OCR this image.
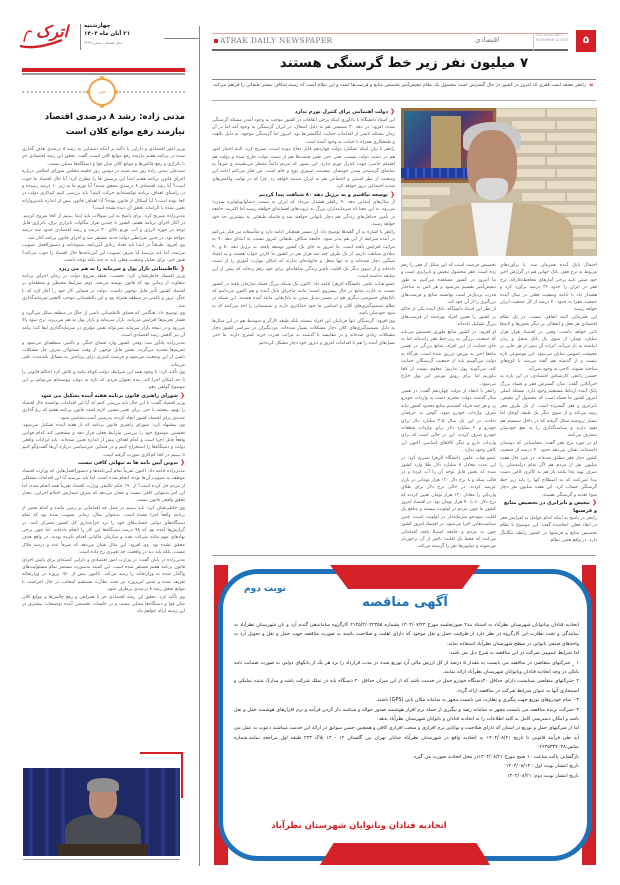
ATRAK DAILY NEWSPAPER	اقتصادی
VOL.18,NO.1853
NOVEMBER 12.2025	۵
۷ میلیون نفر زیر خط گرسنگی هستند
«
راغفر معتقد است فقری که امروز در کشور در حال گسترش است محصول یک نظام تبعیض‌آمیز تخصیص منابع و فرصت‌ها است و این نظام است که زمینه شکاف بیشتر طبقاتی را فراهم می‌کند.
❮دولت اهتمامی برای کنترل تورم ندارد

این استاد دانشگاه با یادآوری اینکه برخی اتفاقات در کشور موجب به وجود آمدن مسئله گرسنگی شده، افزود: در دهه ۳۰ شمسی هم به دلیل اشغال، در ایران گرسنگی به وجود آمد اما در آن زمان مسئله ناشی از اقدامات حمایت انگلیسی‌ها بود. امروز اما گرسنگی موجود، به دلیل بلاهت و طمعکاری همراه با خیانت به وجود آمده است.

راغفر با بیان اینکه عملکرد دولت چهاردهم قابل دفاع نبوده است، تصریح کرد: البته اختیار امور هم در دست دولت نیست، یعنی حتی تغییر قیمت‌ها هم از دست دولت خارج شده و دولت هم اهتمام خاصی جهت کنترل تورم ندارد. این تصور که مردم دائماً منتظر می‌نشینند و صرفاً به تماشای گرسنه‌تر شدن خودشان بنشینند، تصوری پوچ و خام است. من فکر می‌کنم ادامه این وضعیت از نظر امنیتی و اجتماعی هم به ایران صدمه خواهد زد. چرا که در نهایت واکنش‌های شدید اجتماعی بروز خواهد کرد.

❮توسعه نیافتیم و به برزیل دهه ۸۰ شباهت پیدا کردیم

از سال‌های ابتدایی دهه ۹۰ راغفر هشدار می‌داد که ایران به سمت «ساواتوبلولیزه شدن» می‌رود. به این معنا که سرمایه‌داران بزرگ به ثروت‌های افسانه‌ای خواهند رسید اما اکثریت جامعه در تأمین حداقل‌های زندگی هم دچار ناتوانی خواهند شد و فاصله طبقاتی به بیشترین حد خود خواهد رسید.

راغفر با اشاره به آن گفته‌ها توضیح داد: آن مسیر همچنان ادامه دارد و متأسفانه من فکر می‌کنم در آینده شرایط از این هم بدتر شود. جامعه شکاف طبقاتی امروز نسبت به ابتدای دهه ۹۰ به مراتب افزایش یافته است. ما امروز به جای یک کشور توسعه یافته، به برزیل دهه ۸۰ و ۹۰ میلادی شباهت داریم. از یک طرف چند صد هزار نفر در کشور ما کارتن خواب هستند و به اعتیاد سنگین دچار شده‌اند و نه تنها شغل و خانواده‌ای ندارند که امکان مهارت آموزی را از دست داده‌اند و از سوی دیگر یک اقلیت ناچیز زندگی شاهانه‌ای برای خود رقم زده‌اند که پیش از این سابقه نداشته است.

عضو هیات علمی دانشگاه الزهرا ادامه داد: اکنون یک شبکه بزرگ فساد سازمان یافته در کشور نسبت به غارت منابع در حال پیشروی است؛ مانند ماجرای بانک آینده و هم اکنون می‌دانیم که بانک‌های خصوصی دیگری هم در مسیر تبدیل شدن به بانک‌هایی مانند آینده هستند. این شبکه در نظام تصمیم‌گیری‌های کلان و اساسی ما خود حداکثری دارند و تصمیماتی را اخذ می‌کنند که به سود خودشان باشد.

وی افزود: گرسنگان تنها قربانیان این افراد نیستند بلکه طبقه کارگر و متوسط هم در این سال‌ها به دلیل تصمیم‌گیری‌های کلان دچار مشکلات بسیار شده‌اند. مزدبگیران در سراسر کشور دچار مشکلات زیادی شده‌اند و در مقایسه با گذشته به مراتب قدرت خرید کمتری دارند. ما حتی نسل‌های آینده را هم با اقدامات امروز و دیروز خود دچار مشکل کرده‌ایم.

تخصیص فرصت است که این شکل از فقر را رقم زده است. فقر محصول تبعیض و نابرابری است و ما امروز در کشور مشاهده می‌کنیم به طور تبعیض‌آمیز تقسیم می‌شود و هر کس به ساختار قدرت نزدیک‌تر است توانسته منابع و فرصت‌های بزرگتری را از آن خود کند.

از نظر این استاد دانشگاه، بانک آینده یکی از حاکم بر کشور را همین افراد بهره‌مند از فرصت‌های بزرگ تشکیل داده‌اند.

او افزود: در کشور منابع طوری تخصیص می‌یابد که جمعیت بزرگی به زیر خط فقر رانده‌اند اما به جای حمایت از این افراد، منابع بزرگی در همین ماه‌ها اخیر به بورس تزریق شده است. هرگاه به دولت می‌گوییم باید از جمعیت گرسنگان حمایت کند، می‌گویند پول نداریم؛ معلوم نیست از کجا بیاوریم اما برای رونق بورس این پول خارج می‌شود.

راغفر با انتقاد از دولت چهاردهم گفت: در همین سال گذشته دولت محترم دست به واردات خودرو زد و هر چند فریاد کشیدیم منابع محدود کشور نباید صرف واردات خودرو شود، گوش به حرفمان ندادند. در این یک سال ۳.۵ میلیارد دلار برای خودرو و ۴ میلیارد دلار برای واردات قطعات خودرو صرف کردند. این در حالی است که برای واردات دارو و دیگر کالاهای اساسی اکنون ارز کافی وجود ندارد.

عضو هیات علمی دانشگاه الزهرا تصریح کرد: در این مدت معادل ۸ میلیارد دلار طلا وارد کشور شده که بخش قابل توجه آن را آب کرده و در قالب سکه و با نرخ دلار ۱۲۰ هزار تومانی در بازار عرضه کردند. در حالی نرخ دلار برای طلای وارداتی را معادل ۱۲۰ هزار تومان تعیین کردند که نرخ دلار ۶۰ یا ۷۰ هزار تومان بود. در اقتصاد امروز کشور ما چون مردم در اولویت نیستند و منافع یک اقلیت سودجو سرمایه‌دار در اولویت است، چنین سیاست‌هایی اجرا می‌شود. در اقتصاد امروز کشور چون به مردم و جامعه استیلا یافته اقداماتی می‌کنند که فقط یک اقلیت ناچیز از آن برخوردار می‌شوند و میلیون‌ها نفر را گرسنه می‌کند.

احتمال بانک آینده همزمان شد. با برآوردهای مربوط به نرخ فقر، بانک جهانی هم در گزارش اخیر خود ضمن تایید برخی آمارهای محافظه‌کارانه، نرخ فقر در ایران را حدود ۳۶ درصد برآورد کرد و هشدار داد با ادامه وضعیت فعلی در سال آینده جمعیت فقرا به حدود ۴۰ درصد از کل جمعیت ایران خواهد رسید.

این همزمانی البته اتفاقی نیست. در یک نظام اقتصادی هر فعل و انفعالی بر دیگر بخش‌ها و لایه‌ها تاثیر خواهد داشت. وقتی در اقتصاد هزار هزار میلیارد تومان از سوی یک بانک منحل و زیان انباشته به بار می‌آید، اثرات آن بیش از هر جایی بر معیشت عمومی نمایان می‌شود. این موضوعی تازه نیست و از گذشته هم گفته می‌شد تا کوخ‌های ساخته نشوند، کاخی به وجود نمی‌آید.

حسین راغفر، کارشناس اقتصادی، در این باره به خبرآنلاین گفت: میان گسترش فقر و فساد بزرگ بانک آینده ارتباط مستقیم وجود دارد. مسئله اصلی امروز کشور ما فساد است که محصول آن تبعیض، نابرابری و فقر گسترده است. از یک طرف فقر رشد می‌کند و از سوی دیگر یک طبقه کوچک اما بسیار ثروتمند شکل گرفته که در داخل سیستم هم نفوذ دارند و سیاستگذاری را به نفع خودشان منحرف می‌کنند.

او در مورد نرخ فقر گفت: محاسباتی که دوستان داشته‌اند، نشان می‌دهد حدود ۴۰ درصد از جمعیت کشور دچار فقر مطلق شده‌اند. در عین حال هفت میلیون نفر از مردم هم اگر تمام درآمدشان را صرف تهیه غذا بکنند باز هم به کالری کافی دست پیدا نمی‌کنند که به اصطلاح آنها را باید زیر خط گرسنگی حساب کرد. این هفت میلیون نفر دچار سوء تغذیه و گرسنگی هستند.

❮تبعیض و نابرابری در تخصیص منابع و فرصتها

راغفر در پاسخ به اینکه کدام عوامل به افزایش فقر در ابعاد فعلی انجامیده گفت: این موضوع با نظام تخصیص منابع و فرصتها در کشور رابطه تنگاتنگ دارد. در واقع همین نظام

نوبت دوم
آگهی مناقصه

اتحادیه قنادان ونانوایان شهرستان نظرآباد به استناد بند۲ صورتجلسه مورخ ۱۴۰۴/۰۷/۲۴ بشماره ۲۱۲۵/۴/۰۲۲۳۵۵ کارگروه ساماندهی گندم آرد و نان شهرستان نظرآباد به نمایندگی و تحت نظارت این کارگروه در نظر دارد از ظرفیت حمل و نقل موجود که دارای اهلیت و صلاحیت باشند به صورت مناقصه جهت حمل و نقل و تحویل آرد به واحدهای صنفی نانوایی در سطح شهرستان نظرآباد استفاده نماید.

لذا شرایط عمومی شرکت در این مناقصه به شرح ذیل می باشد.

۱ _ شرکتهای متقاضی در مناقصه می بایست به مقدار ۵ درصد از کل ارزش مالی آرد توزیع شده در مدت قرارداد را نزد هر یک از بانکهای دولتی به صورت ضمانت نامه بانکی در وجه اتحادیه قنادان ونانوایان شهرستان نظرآباد ارائه نمایند.

۲ -شرکتهای متقاضی میبایست دارای حداقل ۳۰دستگاه خودرو حمل در خدمت باشد که از این میزان حداقل ۲۰ دستگاه باید در تملک شرکت باشد و مدارک مثبته تملیکی و استیجاری آنها به عنوان شرایط شرکت در مناقصه ارائه گردد.

۳ - تمام خودروهای توزیع جهت پیگیری و نظارت می بایست مجهز به سامانه مکان یابی (GPS) باشند.

۴ -شرکت برنده مناقصه می بایست مجهز به سامانه رصد و پیگیری از جمله نرم افزار هوشمند صدور حواله و شناسه دار کردن فرآیند و نرم افزارهای هوشمند حمل و نقل باشد و امکان دسترسی کامل به کلیه اطلاعات را به اتحادیه قنادان و نانوایان شهرستان نظرآباد بدهد.

لذا از شرکتهای حمل و توزیع در استان که دارای صلاحیت و توانایی نرم افزاری و سخت افزاری کافی و همچنین حسن سوابق در ارائه این خدمت میباشند دعوت به عمل می آید طی فرآیند قانونی تا تاریخ ۱۴۰۴/۰۸/۲۱ به اتحادیه واقع در شهرستان نظرآباد خیابان تهران بین گلستان ۱۲ - ۱۴ پلاک ۲۴۳ طبقه اول مراجعه نمایند.شماره تماس:۰۲۶۴۵۳۴۷۰۴۸

بازگشایی پاکت ساعت ۱۰ صبح مورخ ۱۴۰۴/۰۸/۲۱در محل اتحادیه صورت می گیرد.

تاریخ انتشار نوبت اول : ۱۴۰۴/۰۸/۱۴

تاریخ انتشار نوبت دوم: ۱۴۰۴/۰۸/۲۱

اتحادیه قنادان ونانوایان شهرستان نظرآباد
اترک	چهارشنبه
۲۱ آبان ماه ۱۴۰۴
سال هفدهم - شماره ۳۶۳۳
خبر
مدنی زاده: رشد ۸ درصدی اقتصاد نیازمند رفع موانع کلان است

وزیر امور اقتصادی و دارایی با تاکید بر اینکه دستیابی به رشد ۸ درصدی هدف گذاری شده در برنامه هفتم نیازمند رفع موانع کلان است، گفت: تحقق این رشد اقتصادی جز با ناترازی و رفع چالش‌ها و موانع کلان میان قوا و دستگاه‌ها ممکن نیست.

سیدعلی مدنی زاده روز سه شنبه در دومین روز جلسه مجلس شورای اسلامی درباره اجرای قانون برنامه هفتم ابتدا این پرسش ها را مطرح کرد: آیا حال اقتصاد ما خوب است؟ آیا رشد اقتصادی ۸ درصدی محقق شده؟ آیا تورم ما به زیر ۱۰ درصد رسیده و در راستای اهداف برنامه توانسته‌ایم حرکت کنیم؟ باید بررسی کنیم کم‌کاری دولت در کجا بوده است؟ آیا اشکال از قانون بوده؟ آیا اهداف قانون بیش از اندازه بلندپروازانه تعیین شده یا الزامات تحقق آن دیده نشده است؟

مدنی‌زاده تصریح کرد: برای پاسخ به این سوالات باید ابتدا ببینیم از کجا شروع کردیم. در آغاز اجرای برنامه هفتم، کشور با چندین هزار مگاوات ناترازی برق، ناترازی قابل توجه در حوزه انرژی و آب، تورم بالای ۳۰ درصد و رشد اقتصادی حدود سه درصد مواجه بود. در چنین شرایطی دولت جدید مستقر شد و اجرای قانون برنامه آغاز شد.

وی افزود: طبیعتاً در ابتدا باید تعداد زیادی آیین‌نامه، شیوه‌نامه و دستورالعمل تصویب می‌شد، اما باید بپرسید آیا صرف تصویب این آیین‌نامه‌ها حال اقتصاد را خوب می‌کند؟ هنوز خیر. برای تحلیل وضعیت فعلی باید به چند نکته توجه داشت.

❮نااطمینانی بازار پول و سرمایه را به هم می ریزد

وزیر اقتصاد خاطرنشان کرد: نخست، نقطه شروع دولت در زمان اجرای برنامه متفاوت از زمانی بود که قانون نوشته می‌شد. دوم، شرایط محیطی و منطقه‌ای بر اقتصاد کشور تأثیر قابل توجهی داشت. دولت در فضایی کار خود را آغاز کرد که با جنگ، ترور و ناامنی در منطقه همراه بود و این نااطمینانی موجب کاهش سرمایه‌گذاری شد.

وی توضیح داد: هنگامی که فضای نااطمینانی ناشی از جنگ در منطقه شکل می‌گیرد و فشار تحریم‌ها افزایش می‌یابد، بازار سرمایه و بازار پول به هم می‌ریزد، نرخ سود بالا می‌رود و در نتیجه بازار سرمایه نمی‌تواند نقش مؤثری در سرمایه‌گذاری ایفا کند؛ پیامد آن نیز کاهش رشد اقتصادی است.

مدنی‌زاده یادآور شد: وقتی کشور وارد فضای جنگی و ناامنی منطقه‌ای می‌شود و تحریم‌ها تشدید می‌گردد، بخش قابل توجهی از وقت مسئولان صرف حل مشکلات ناشی از این وضعیت می‌شود و فرصت کمتری برای پرداختن به مسائل بلندمدت باقی می‌ماند.

وی تأکید کرد: با وجود همه این شرایط، دولت کوتاه نیامد و تلاش کرد احکام قانونی را تا حد امکان اجرا کند. بنده بعنوان فردی که تازه به دولت پیوسته‌ام می‌توانم بر این موضوع گواهی دهم.

❮شورای راهبری قانون برنامه هفته آینده تشکیل می شود

وزیر اقتصاد گفت: با این حال باید بررسی کنیم که آیا این اقدامات توانسته حال اقتصاد را بهبود ببخشد یا خیر. برای تغییر مسیر، لازم است قانون برنامه هفتم که ریل‌گذاری جدیدی برای اقتصاد کشور ایجاد کرده، بدرستی آسیب‌شناسی شود.

وی پیشنهاد کرد: شورای راهبری قانون برنامه که از هفته آینده تشکیل می‌شود، نخستین موضوع خود را بررسی شرایط فعلی قرار دهد و مشخص کند کدام قوانین واقعاً قابل اجرا است و کدام اهداف بیش از اندازه تعیین شده‌اند. باید ایرادات واقعی دولت و دستگاه‌ها را استخراج کنیم و در فضایی غیرسیاسی درباره آن‌ها گفت‌وگو کنیم تا ببینیم در کجا کم‌کاری صورت گرفته است.

❮تدوین آیین نامه ها به تنهایی کافی نیست

مدنی‌زاده ادامه داد: اکنون تقریباً تمام آیین‌نامه‌ها و دستورالعمل‌هایی که وزارت اقتصاد موظف به تصویب آن‌ها بوده، انجام شده است، اما باید بپرسید آیا این اقدامات مشکلی از مردم حل کرده است؟ از ۱۹۰ حکم تکلیفی وزارت اقتصاد تقریباً همه انجام شده، اما این امر به‌تنهایی کافی نیست و نشان می‌دهد که صرف شمارش احکام اجرایی، معیار تحقق واقعی قانون نیست.

وی خاطرنشان کرد: باید ببینیم در عمل چه اقداماتی بر زمین مانده و کدام بخش از برنامه واقعاً اجرا نشده است. به‌عنوان مثال، زمانی تصویب شده بود که تمام دستگاه‌های دولتی حساب‌های خود را نزد خزانه‌داری کل کشور متمرکز کنند. در گزارش‌ها آمده بود که ۹۸ درصد دستگاه‌ها این کار را انجام داده‌اند، اما چون برخی نهادهای مهم مانند شرکت نفت و سازمان مالیاتی اقدام نکرده بودند، در واقع هدف محقق نشده بود. وی افزود: این مثال نشان می‌دهد که صرفاً عدد و درصد ملاک نیست، بلکه باید دید در واقعیت چه تغییری رخ داده است.

مدنی‌زاده در پایان گفت: در وزارت امور اقتصادی و دارایی کمیته‌ای برای پایش اجرای قانون برنامه هفتم مستقر شده است. این کمیته به‌صورت مستمر تمام مسئولیت‌های واگذار شده به وزارتخانه را رصد می‌کند. تاکنون بیش از ۱۵۰ پروژه در وزارتخانه تعریف شده و شش ابرپروژه نیز تحت نظارت مستقیم اینجانب در حال اجراست تا موانع تحقق رشد ۸ درصدی برطرف شود.

وی تأکید کرد: تحقق این رشد اقتصادی جز با همراهی و رفع چالش‌ها و موانع کلان میان قوا و دستگاه‌ها ممکن نیست و در جلسات تخصصی آینده توضیحات بیشتری در این زمینه ارائه خواهم داد.
